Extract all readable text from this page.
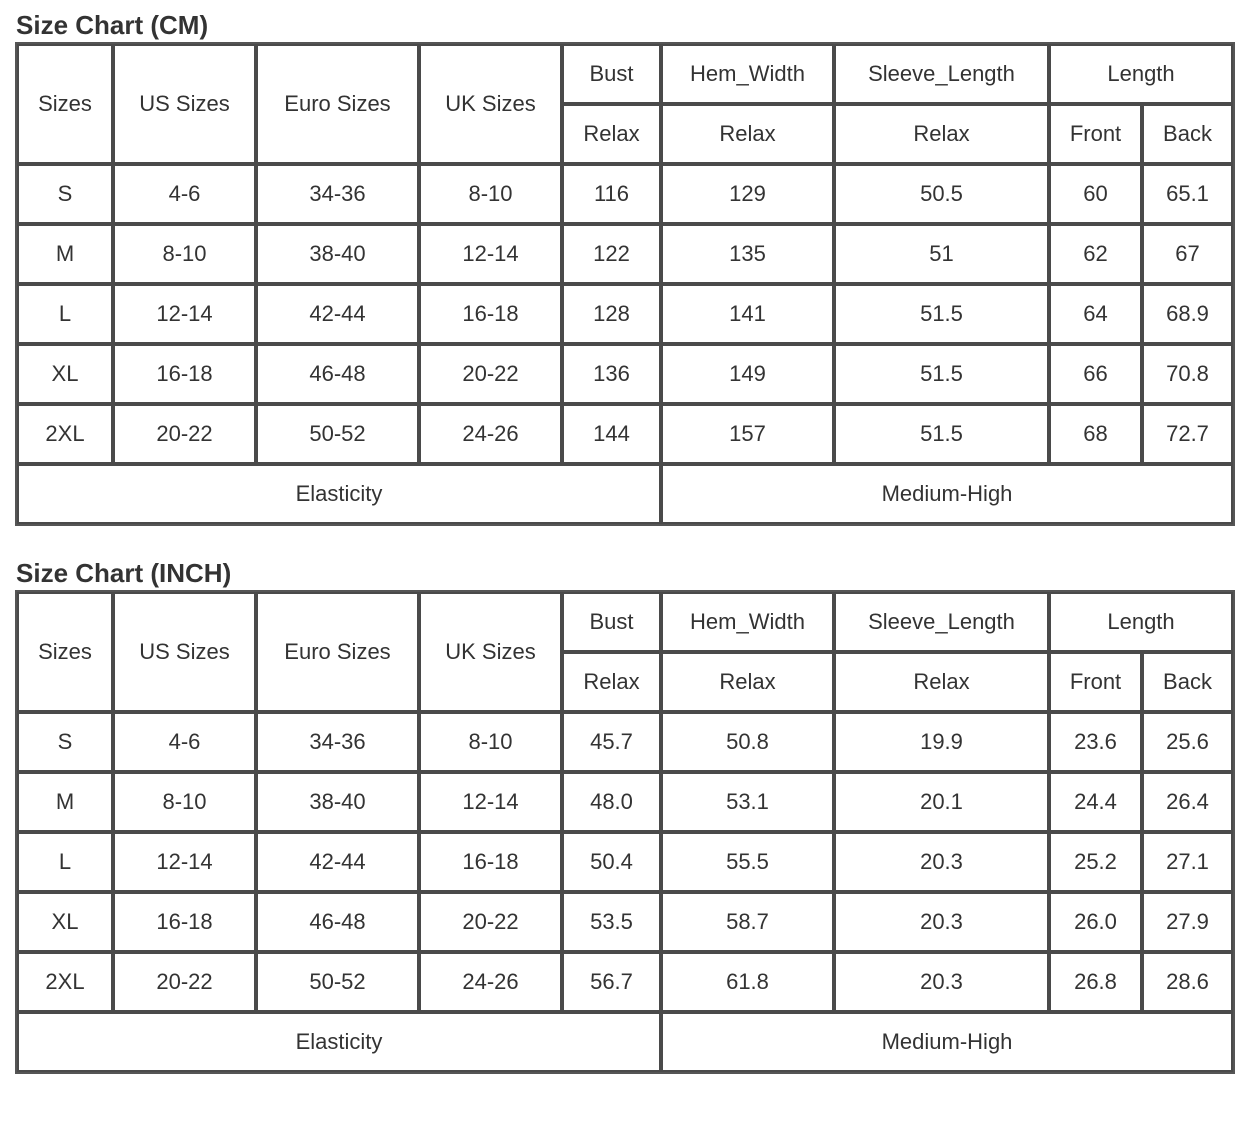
Size Chart (CM)
Sizes	US Sizes	Euro Sizes	UK Sizes	Bust	Hem_Width	Sleeve_Length	Length	
				Relax	Relax	Relax	Front	Back
S	4-6	34-36	8-10	116	129	50.5	60	65.1
M	8-10	38-40	12-14	122	135	51	62	67
L	12-14	42-44	16-18	128	141	51.5	64	68.9
XL	16-18	46-48	20-22	136	149	51.5	66	70.8
2XL	20-22	50-52	24-26	144	157	51.5	68	72.7
Elasticity					Medium-High			
Size Chart (INCH)
Sizes	US Sizes	Euro Sizes	UK Sizes	Bust	Hem_Width	Sleeve_Length	Length	
				Relax	Relax	Relax	Front	Back
S	4-6	34-36	8-10	45.7	50.8	19.9	23.6	25.6
M	8-10	38-40	12-14	48.0	53.1	20.1	24.4	26.4
L	12-14	42-44	16-18	50.4	55.5	20.3	25.2	27.1
XL	16-18	46-48	20-22	53.5	58.7	20.3	26.0	27.9
2XL	20-22	50-52	24-26	56.7	61.8	20.3	26.8	28.6
Elasticity					Medium-High			
